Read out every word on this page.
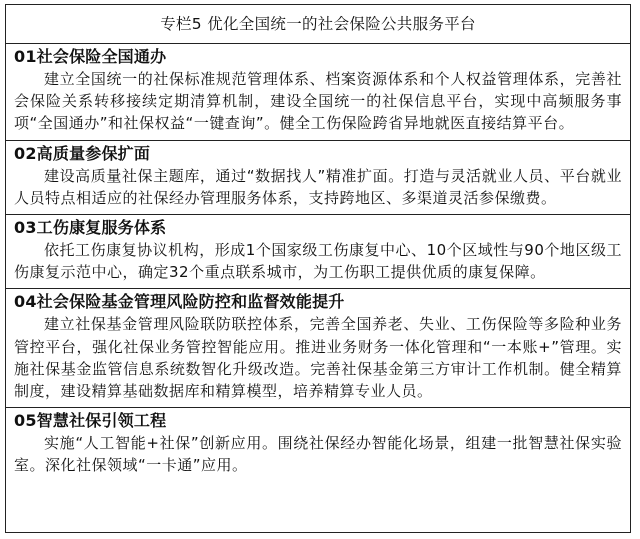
专栏5 优化全国统一的社会保险公共服务平台
01社会保险全国通办
建立全国统一的社保标准规范管理体系、档案资源体系和个人权益管理体系，完善社会保险关系转移接续定期清算机制，建设全国统一的社保信息平台，实现中高频服务事项“全国通办”和社保权益“一键查询”。健全工伤保险跨省异地就医直接结算平台。
02高质量参保扩面
建设高质量社保主题库，通过“数据找人”精准扩面。打造与灵活就业人员、平台就业人员特点相适应的社保经办管理服务体系，支持跨地区、多渠道灵活参保缴费。
03工伤康复服务体系
依托工伤康复协议机构，形成1个国家级工伤康复中心、10个区域性与90个地区级工伤康复示范中心，确定32个重点联系城市，为工伤职工提供优质的康复保障。
04社会保险基金管理风险防控和监督效能提升
建立社保基金管理风险联防联控体系，完善全国养老、失业、工伤保险等多险种业务管控平台，强化社保业务管控智能应用。推进业务财务一体化管理和“一本账+”管理。实施社保基金监管信息系统数智化升级改造。完善社保基金第三方审计工作机制。健全精算制度，建设精算基础数据库和精算模型，培养精算专业人员。
05智慧社保引领工程
实施“人工智能+社保”创新应用。围绕社保经办智能化场景，组建一批智慧社保实验室。深化社保领域“一卡通”应用。
